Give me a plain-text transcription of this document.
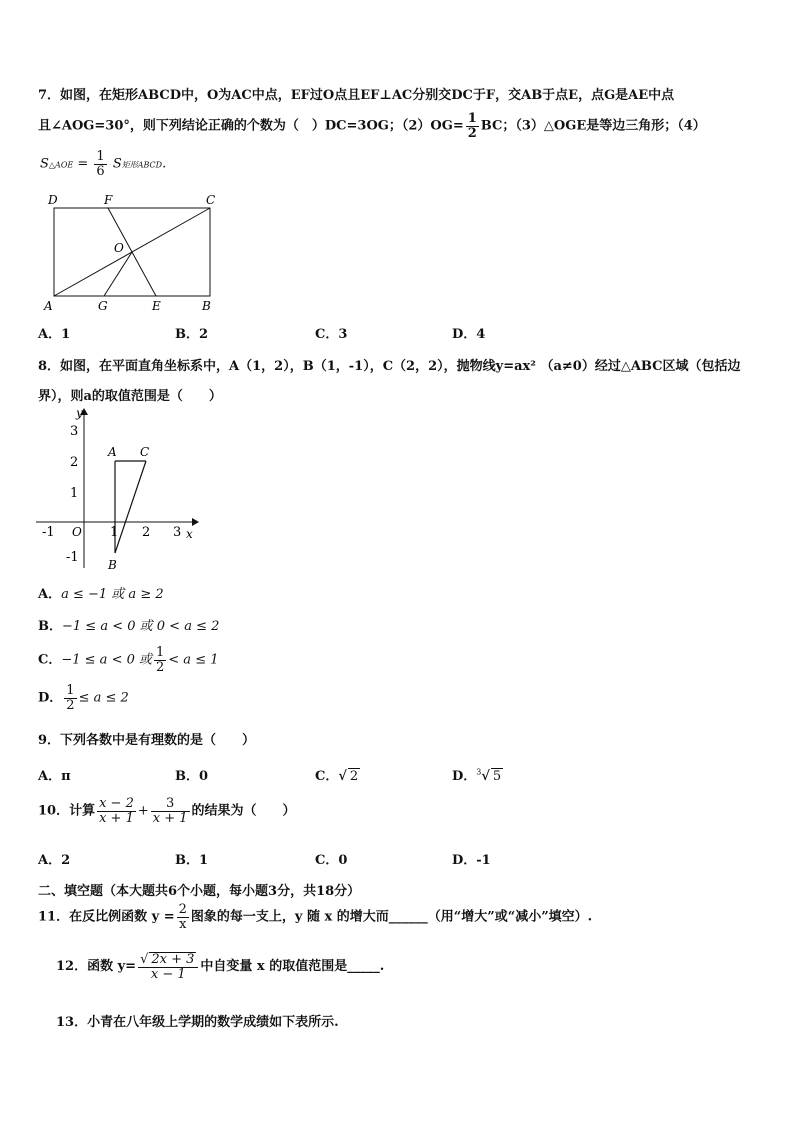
7．如图，在矩形ABCD中，O为AC中点，EF过O点且EF⊥AC分别交DC于F，交AB于点E，点G是AE中点
且∠AOG=30°，则下列结论正确的个数为（　）DC=3OG；$(2)OG= \frac{1}{2}$ BC；（3）△OGE是等边三角形；（4）
S△AOE = $\frac{1}{6}$ S矩形ABCD.
D	F	C
O
A	G	E	B
A．1	B．2	C．3	D．4
8．如图，在平面直角坐标系中，A（1，2），B（1，-1），C（2，2），抛物线y=ax² （a≠0）经过△ABC区域（包括边
界），则a的取值范围是（　　）
y
x
O
3
2
1
-1
-1	1 2 3
A C
B
A．a ≤ −1 或 a ≥ 2
B．−1 ≤ a < 0 或 0 < a ≤ 2
C．−1 ≤ a < 0 或 $\frac{1}{2} < a \le 1$
D． $\frac{1}{2} \le a \le 2$
9．下列各数中是有理数的是（　　）
A．π	B．0	C．√ 2	D．$^3$√ 5
10．计算 $\frac{x - 2}{x + 1} + \frac{3}{x + 1}$ 的结果为（　　）
A．2	B．1	C．0	D．-1
二、填空题（本大题共6个小题，每小题3分，共18分）
11．在反比例函数 $y = \frac{2}{x}$ 图象的每一支上，y 随 x 的增大而______（用“增大”或“减小”填空）.
12．函数 $y= \frac{√ 2x + 3}{x - 1}$ 中自变量 x 的取值范围是_____.
13．小青在八年级上学期的数学成绩如下表所示.
